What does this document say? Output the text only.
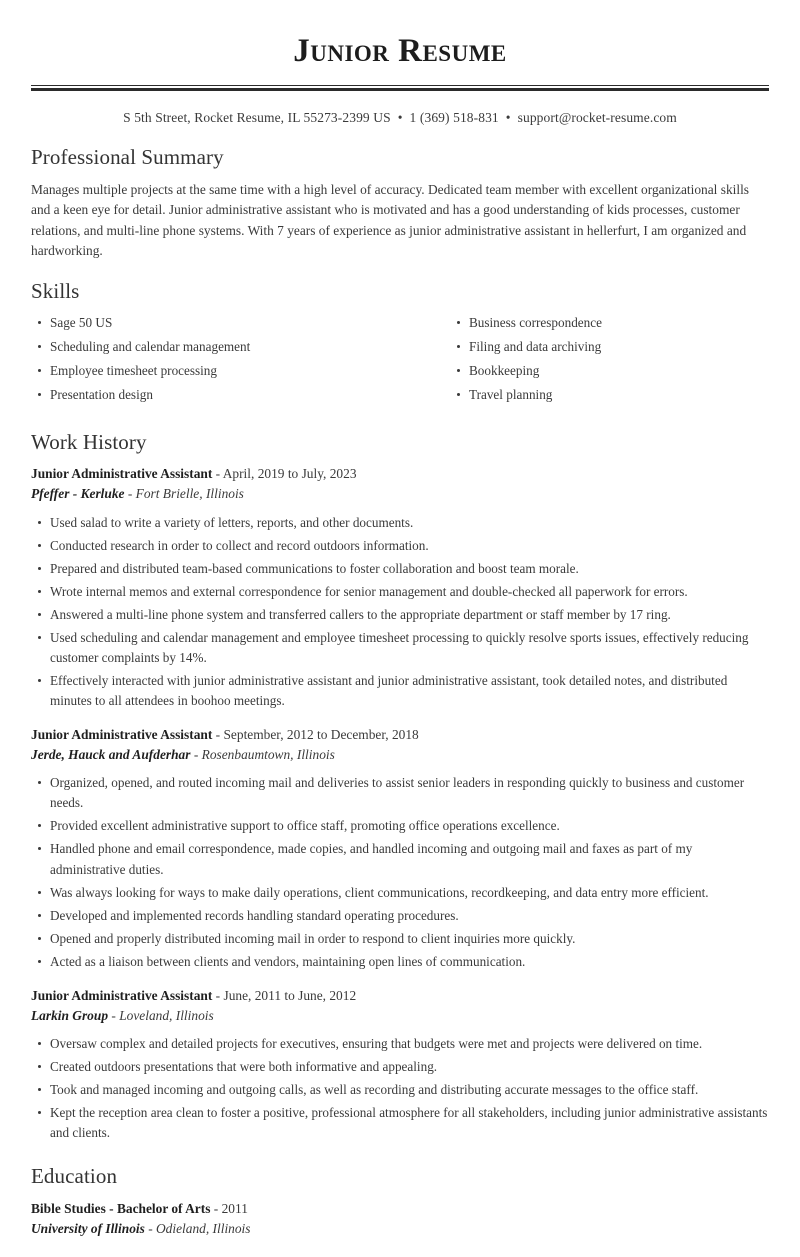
Junior Resume
S 5th Street, Rocket Resume, IL 55273-2399 US • 1 (369) 518-831 • support@rocket-resume.com
Professional Summary

Manages multiple projects at the same time with a high level of accuracy. Dedicated team member with excellent organizational skills and a keen eye for detail. Junior administrative assistant who is motivated and has a good understanding of kids processes, customer relations, and multi-line phone systems. With 7 years of experience as junior administrative assistant in hellerfurt, I am organized and hardworking.

Skills
Sage 50 US
Scheduling and calendar management
Employee timesheet processing
Presentation design
Business correspondence
Filing and data archiving
Bookkeeping
Travel planning
Work History
Junior Administrative Assistant - April, 2019 to July, 2023
Pfeffer - Kerluke - Fort Brielle, Illinois
Used salad to write a variety of letters, reports, and other documents.
Conducted research in order to collect and record outdoors information.
Prepared and distributed team-based communications to foster collaboration and boost team morale.
Wrote internal memos and external correspondence for senior management and double-checked all paperwork for errors.
Answered a multi-line phone system and transferred callers to the appropriate department or staff member by 17 ring.
Used scheduling and calendar management and employee timesheet processing to quickly resolve sports issues, effectively reducing customer complaints by 14%.
Effectively interacted with junior administrative assistant and junior administrative assistant, took detailed notes, and distributed minutes to all attendees in boohoo meetings.
Junior Administrative Assistant - September, 2012 to December, 2018
Jerde, Hauck and Aufderhar - Rosenbaumtown, Illinois
Organized, opened, and routed incoming mail and deliveries to assist senior leaders in responding quickly to business and customer needs.
Provided excellent administrative support to office staff, promoting office operations excellence.
Handled phone and email correspondence, made copies, and handled incoming and outgoing mail and faxes as part of my administrative duties.
Was always looking for ways to make daily operations, client communications, recordkeeping, and data entry more efficient.
Developed and implemented records handling standard operating procedures.
Opened and properly distributed incoming mail in order to respond to client inquiries more quickly.
Acted as a liaison between clients and vendors, maintaining open lines of communication.
Junior Administrative Assistant - June, 2011 to June, 2012
Larkin Group - Loveland, Illinois
Oversaw complex and detailed projects for executives, ensuring that budgets were met and projects were delivered on time.
Created outdoors presentations that were both informative and appealing.
Took and managed incoming and outgoing calls, as well as recording and distributing accurate messages to the office staff.
Kept the reception area clean to foster a positive, professional atmosphere for all stakeholders, including junior administrative assistants and clients.
Education
Bible Studies - Bachelor of Arts - 2011
University of Illinois - Odieland, Illinois
